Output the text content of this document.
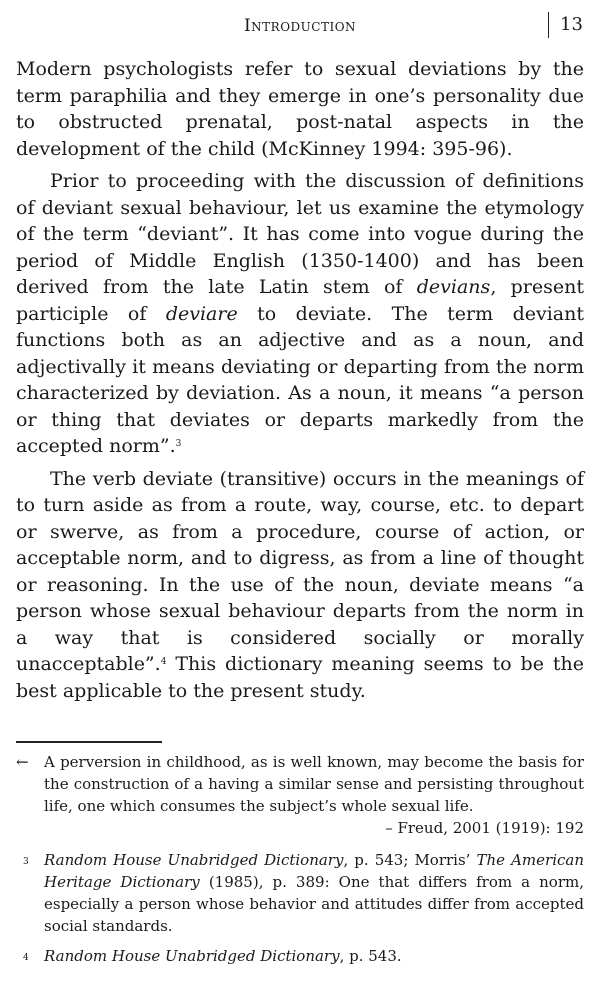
Introduction	13

Modern psychologists refer to sexual deviations by the term paraphilia and they emerge in one’s personality due to obstructed prenatal, post-natal aspects in the development of the child (McKinney 1994: 395-96).

Prior to proceeding with the discussion of definitions of deviant sexual behaviour, let us examine the etymology of the term “deviant”. It has come into vogue during the period of Middle English (1350-1400) and has been derived from the late Latin stem of devians, present participle of deviare to deviate. The term deviant functions both as an adjective and as a noun, and adjectivally it means deviating or departing from the norm characterized by deviation. As a noun, it means “a person or thing that deviates or departs markedly from the accepted norm”.$^3$

The verb deviate (transitive) occurs in the meanings of to turn aside as from a route, way, course, etc. to depart or swerve, as from a procedure, course of action, or acceptable norm, and to digress, as from a line of thought or reasoning. In the use of the noun, deviate means “a person whose sexual behaviour departs from the norm in a way that is considered socially or morally unacceptable”.$^4$ This dictionary meaning seems to be the best applicable to the present study.

←	A perversion in childhood, as is well known, may become the basis for the construction of a having a similar sense and persisting throughout life, one which consumes the subject’s whole sexual life.
– Freud, 2001 (1919): 192
3	Random House Unabridged Dictionary, p. 543; Morris’ The American Heritage Dictionary (1985), p. 389: One that differs from a norm, especially a person whose behavior and attitudes differ from accepted social standards.
4	Random House Unabridged Dictionary, p. 543.
